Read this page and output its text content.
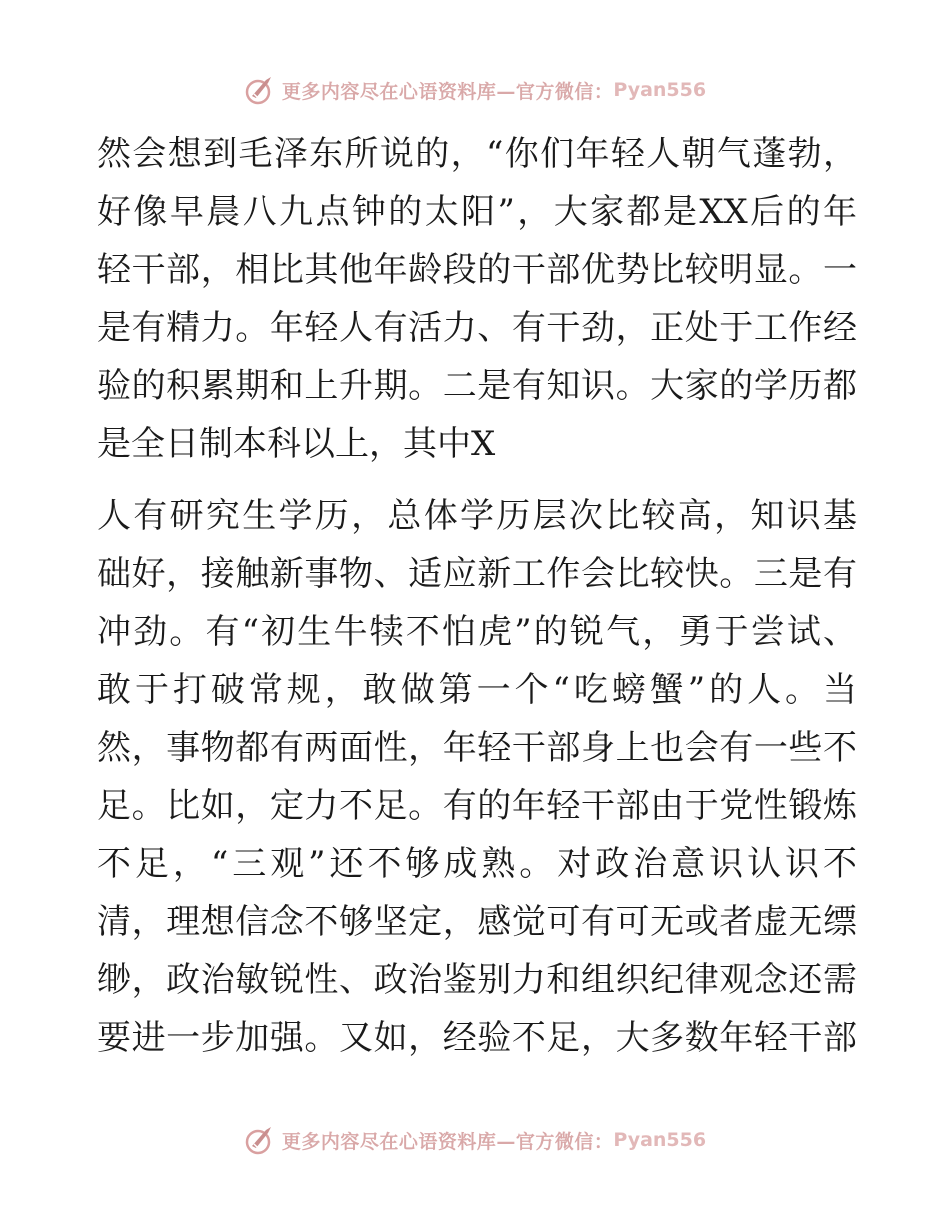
更多内容尽在心语资料库—官方微信： Pyan556
然会想到毛泽东所说的，“你们年轻人朝气蓬勃，
好像早晨八九点钟的太阳”，大家都是XX后的年
轻干部，相比其他年龄段的干部优势比较明显。一
是有精力。年轻人有活力、有干劲，正处于工作经
验的积累期和上升期。二是有知识。大家的学历都
是全日制本科以上，其中X
人有研究生学历，总体学历层次比较高，知识基
础好，接触新事物、适应新工作会比较快。三是有
冲劲。有“初生牛犊不怕虎”的锐气，勇于尝试、
敢于打破常规，敢做第一个“吃螃蟹”的人。当
然，事物都有两面性，年轻干部身上也会有一些不
足。比如，定力不足。有的年轻干部由于党性锻炼
不足，“三观”还不够成熟。对政治意识认识不
清，理想信念不够坚定，感觉可有可无或者虚无缥
缈，政治敏锐性、政治鉴别力和组织纪律观念还需
要进一步加强。又如，经验不足，大多数年轻干部
更多内容尽在心语资料库—官方微信： Pyan556
